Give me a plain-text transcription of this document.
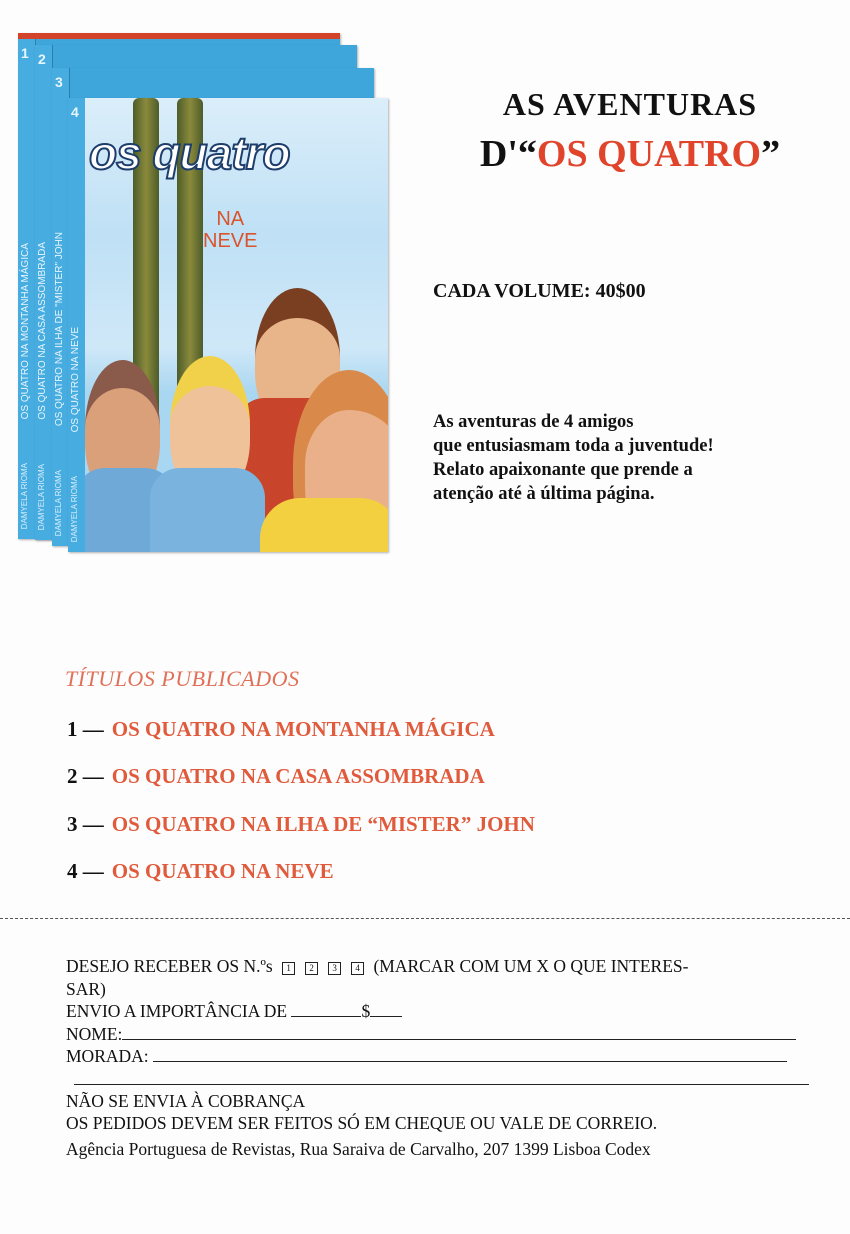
1
OS QUATRO NA MONTANHA MÁGICA
DAMYELA RIOMA
2
OS QUATRO NA CASA ASSOMBRADA
DAMYELA RIOMA
3
OS QUATRO NA ILHA DE "MISTER" JOHN
DAMYELA RIOMA
4
OS QUATRO NA NEVE
DAMYELA RIOMA
os quatro
NA
NEVE
AS AVENTURAS
D'“OS QUATRO”
CADA VOLUME: 40$00
As aventuras de 4 amigos
que entusiasmam toda a juventude!
Relato apaixonante que prende a
atenção até à última página.
TÍTULOS PUBLICADOS
1 — OS QUATRO NA MONTANHA MÁGICA
2 — OS QUATRO NA CASA ASSOMBRADA
3 — OS QUATRO NA ILHA DE “MISTER” JOHN
4 — OS QUATRO NA NEVE
DESEJO RECEBER OS N.ºs 1 2 3 4 (MARCAR COM UM X O QUE INTERES-
SAR)
ENVIO A IMPORTÂNCIA DE	$
NOME:
MORADA:
NÃO SE ENVIA À COBRANÇA
OS PEDIDOS DEVEM SER FEITOS SÓ EM CHEQUE OU VALE DE CORREIO.
Agência Portuguesa de Revistas, Rua Saraiva de Carvalho, 207 1399 Lisboa Codex
